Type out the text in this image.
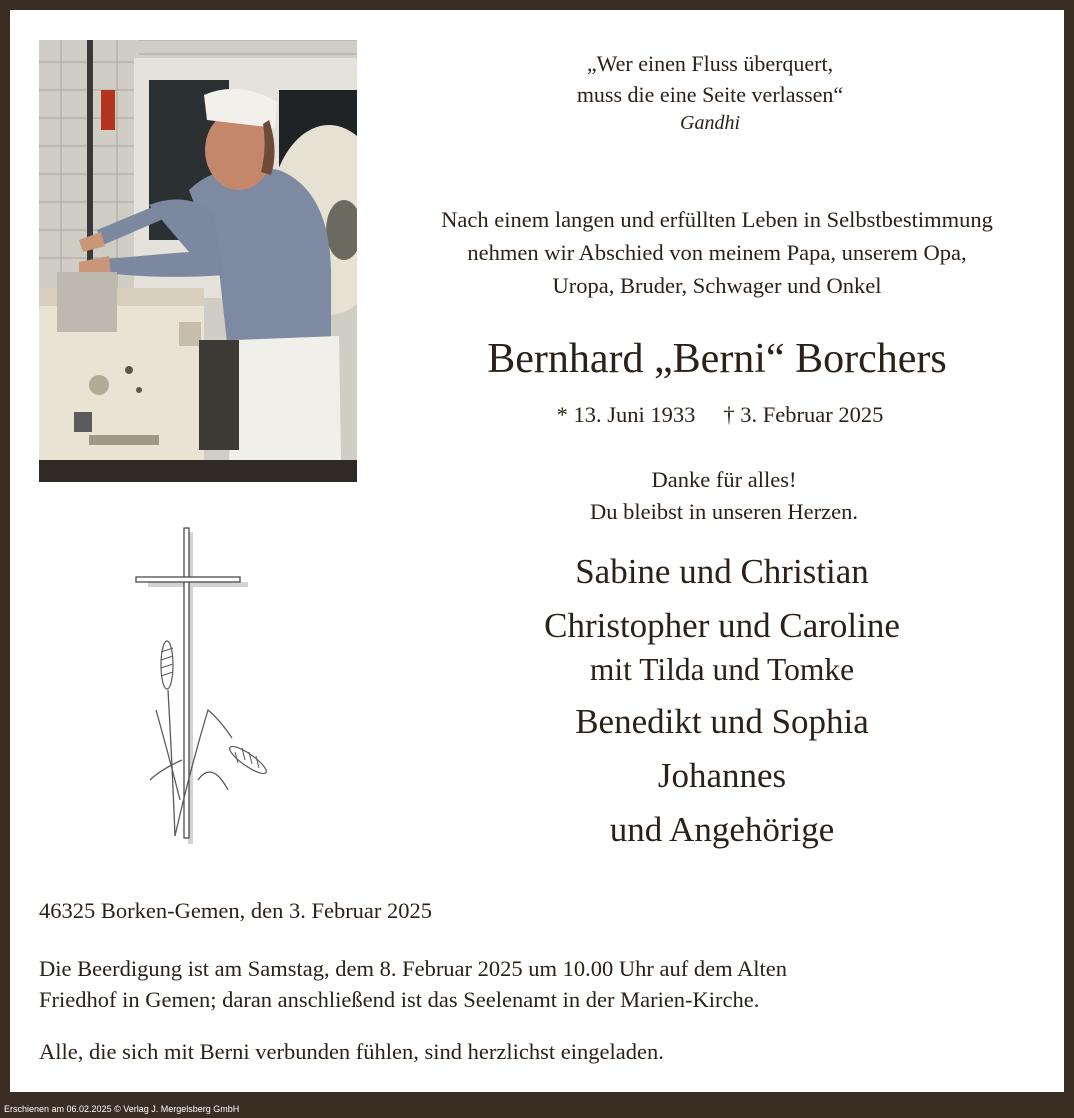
„Wer einen Fluss überquert,
muss die eine Seite verlassen“
Gandhi
Nach einem langen und erfüllten Leben in Selbstbestimmung
nehmen wir Abschied von meinem Papa, unserem Opa,
Uropa, Bruder, Schwager und Onkel
Bernhard „Berni“ Borchers
* 13. Juni 1933 † 3. Februar 2025
Danke für alles!
Du bleibst in unseren Herzen.
Sabine und Christian
Christopher und Caroline
mit Tilda und Tomke
Benedikt und Sophia
Johannes
und Angehörige
46325 Borken-Gemen, den 3. Februar 2025
Die Beerdigung ist am Samstag, dem 8. Februar 2025 um 10.00 Uhr auf dem Alten
Friedhof in Gemen; daran anschließend ist das Seelenamt in der Marien-Kirche.
Alle, die sich mit Berni verbunden fühlen, sind herzlichst eingeladen.
Erschienen am 06.02.2025 © Verlag J. Mergelsberg GmbH
